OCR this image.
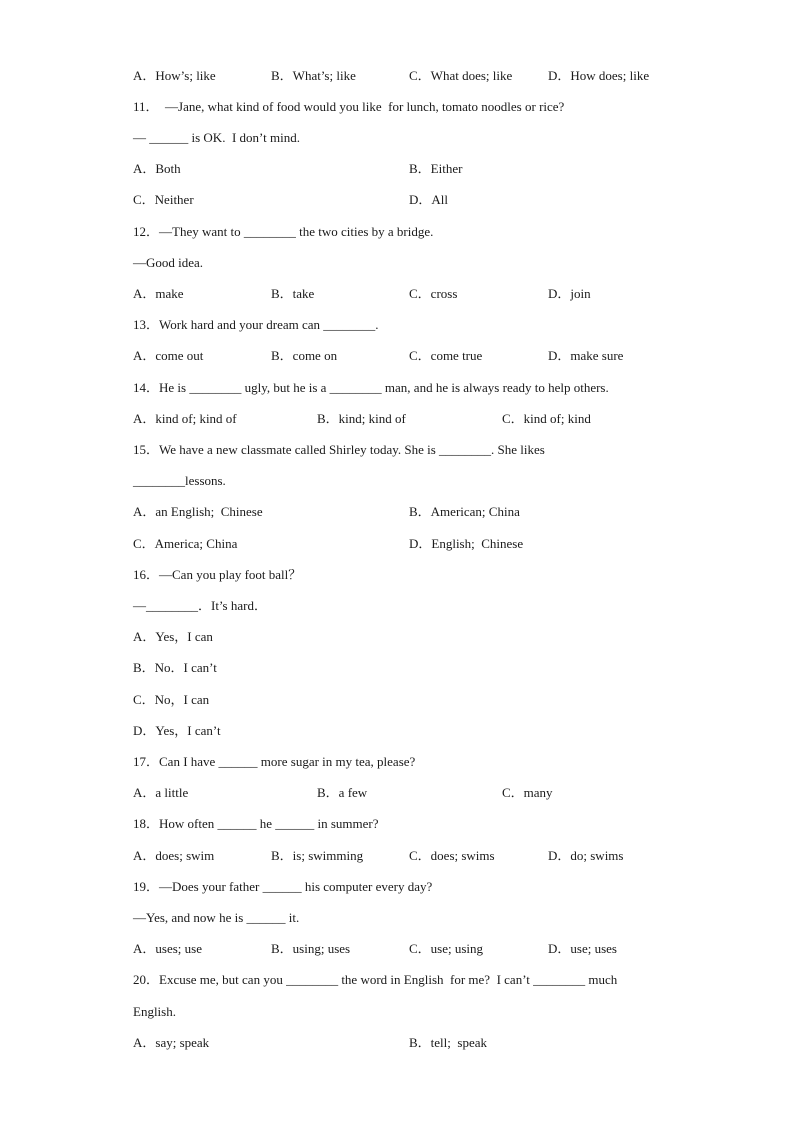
A．How’s; like	B．What’s; like	C．What does; like	D．How does; like
11．  —Jane, what kind of food would you like  for lunch, tomato noodles or rice?
— ______ is OK.  I don’t mind.
A．Both	B．Either
C．Neither	D．All
12．—They want to ________ the two cities by a bridge.
—Good idea.
A．make	B．take	C．cross	D．join
13．Work hard and your dream can ________.
A．come out	B．come on	C．come true	D．make sure
14．He is ________ ugly, but he is a ________ man, and he is always ready to help others.
A．kind of; kind of	B．kind; kind of	C．kind of; kind
15．We have a new classmate called Shirley today. She is ________. She likes
________lessons.
A．an English;  Chinese	B．American; China
C．America; China	D．English;  Chinese
16．—Can you play foot ball？
—________．It’s hard．
A．Yes，I can
B．No．I can’t
C．No，I can
D．Yes，I can’t
17．Can I have ______ more sugar in my tea, please?
A．a little	B．a few	C．many
18．How often ______ he ______ in summer?
A．does; swim	B．is; swimming	C．does; swims	D．do; swims
19．—Does your father ______ his computer every day?
—Yes, and now he is ______ it.
A．uses; use	B．using; uses	C．use; using	D．use; uses
20．Excuse me, but can you ________ the word in English  for me?  I can’t ________ much
English.
A．say; speak	B．tell;  speak
